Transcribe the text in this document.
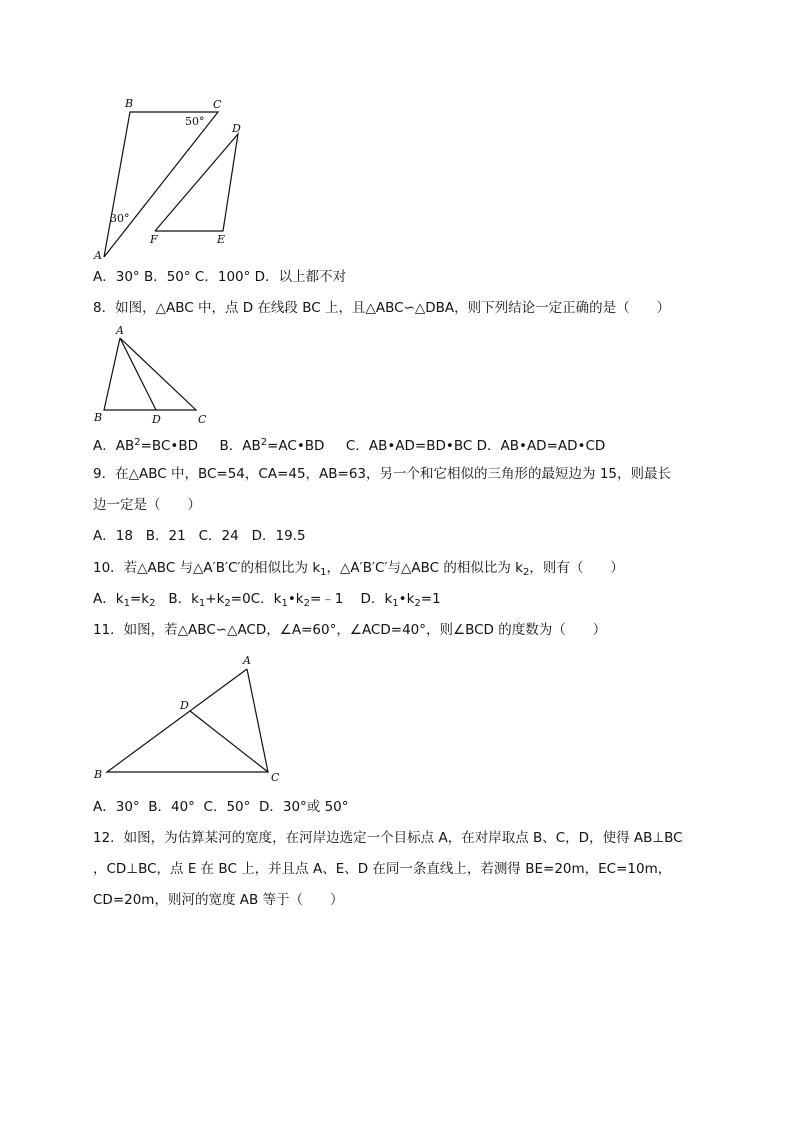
B	C
D
A
F	E
50°
30°
A．30° B．50° C．100° D．以上都不对
8．如图，△ABC 中，点 D 在线段 BC 上，且△ABC∽△DBA，则下列结论一定正确的是（　　）
A
B	D	C
A．$AB^2=BC•BD$     B．$AB^2=AC•BD$     C．AB•AD=BD•BC D．AB•AD=AD•CD
9．在△ABC 中，BC=54，CA=45，AB=63，另一个和它相似的三角形的最短边为 15，则最长
边一定是（　　）
A．18   B．21   C．24   D．19.5
10．若△ABC 与△A′B′C′的相似比为 $k_1$，△A′B′C′与△ABC 的相似比为 $k_2$，则有（　　）
A．$k_1=k_2$   B．$k_1+k_2=0C$．$k_1•k_2=﹣1$    D．$k_1•k_2=1$
11．如图，若△ABC∽△ACD，∠A=60°，∠ACD=40°，则∠BCD 的度数为（　　）
A
D
B	C
A．30°  B．40°  C．50°  D．30°或 50°
12．如图，为估算某河的宽度，在河岸边选定一个目标点 A，在对岸取点 B、C，D，使得 AB⊥BC
，CD⊥BC，点 E 在 BC 上，并且点 A、E、D 在同一条直线上，若测得 BE=20m，EC=10m，
CD=20m，则河的宽度 AB 等于（　　）
